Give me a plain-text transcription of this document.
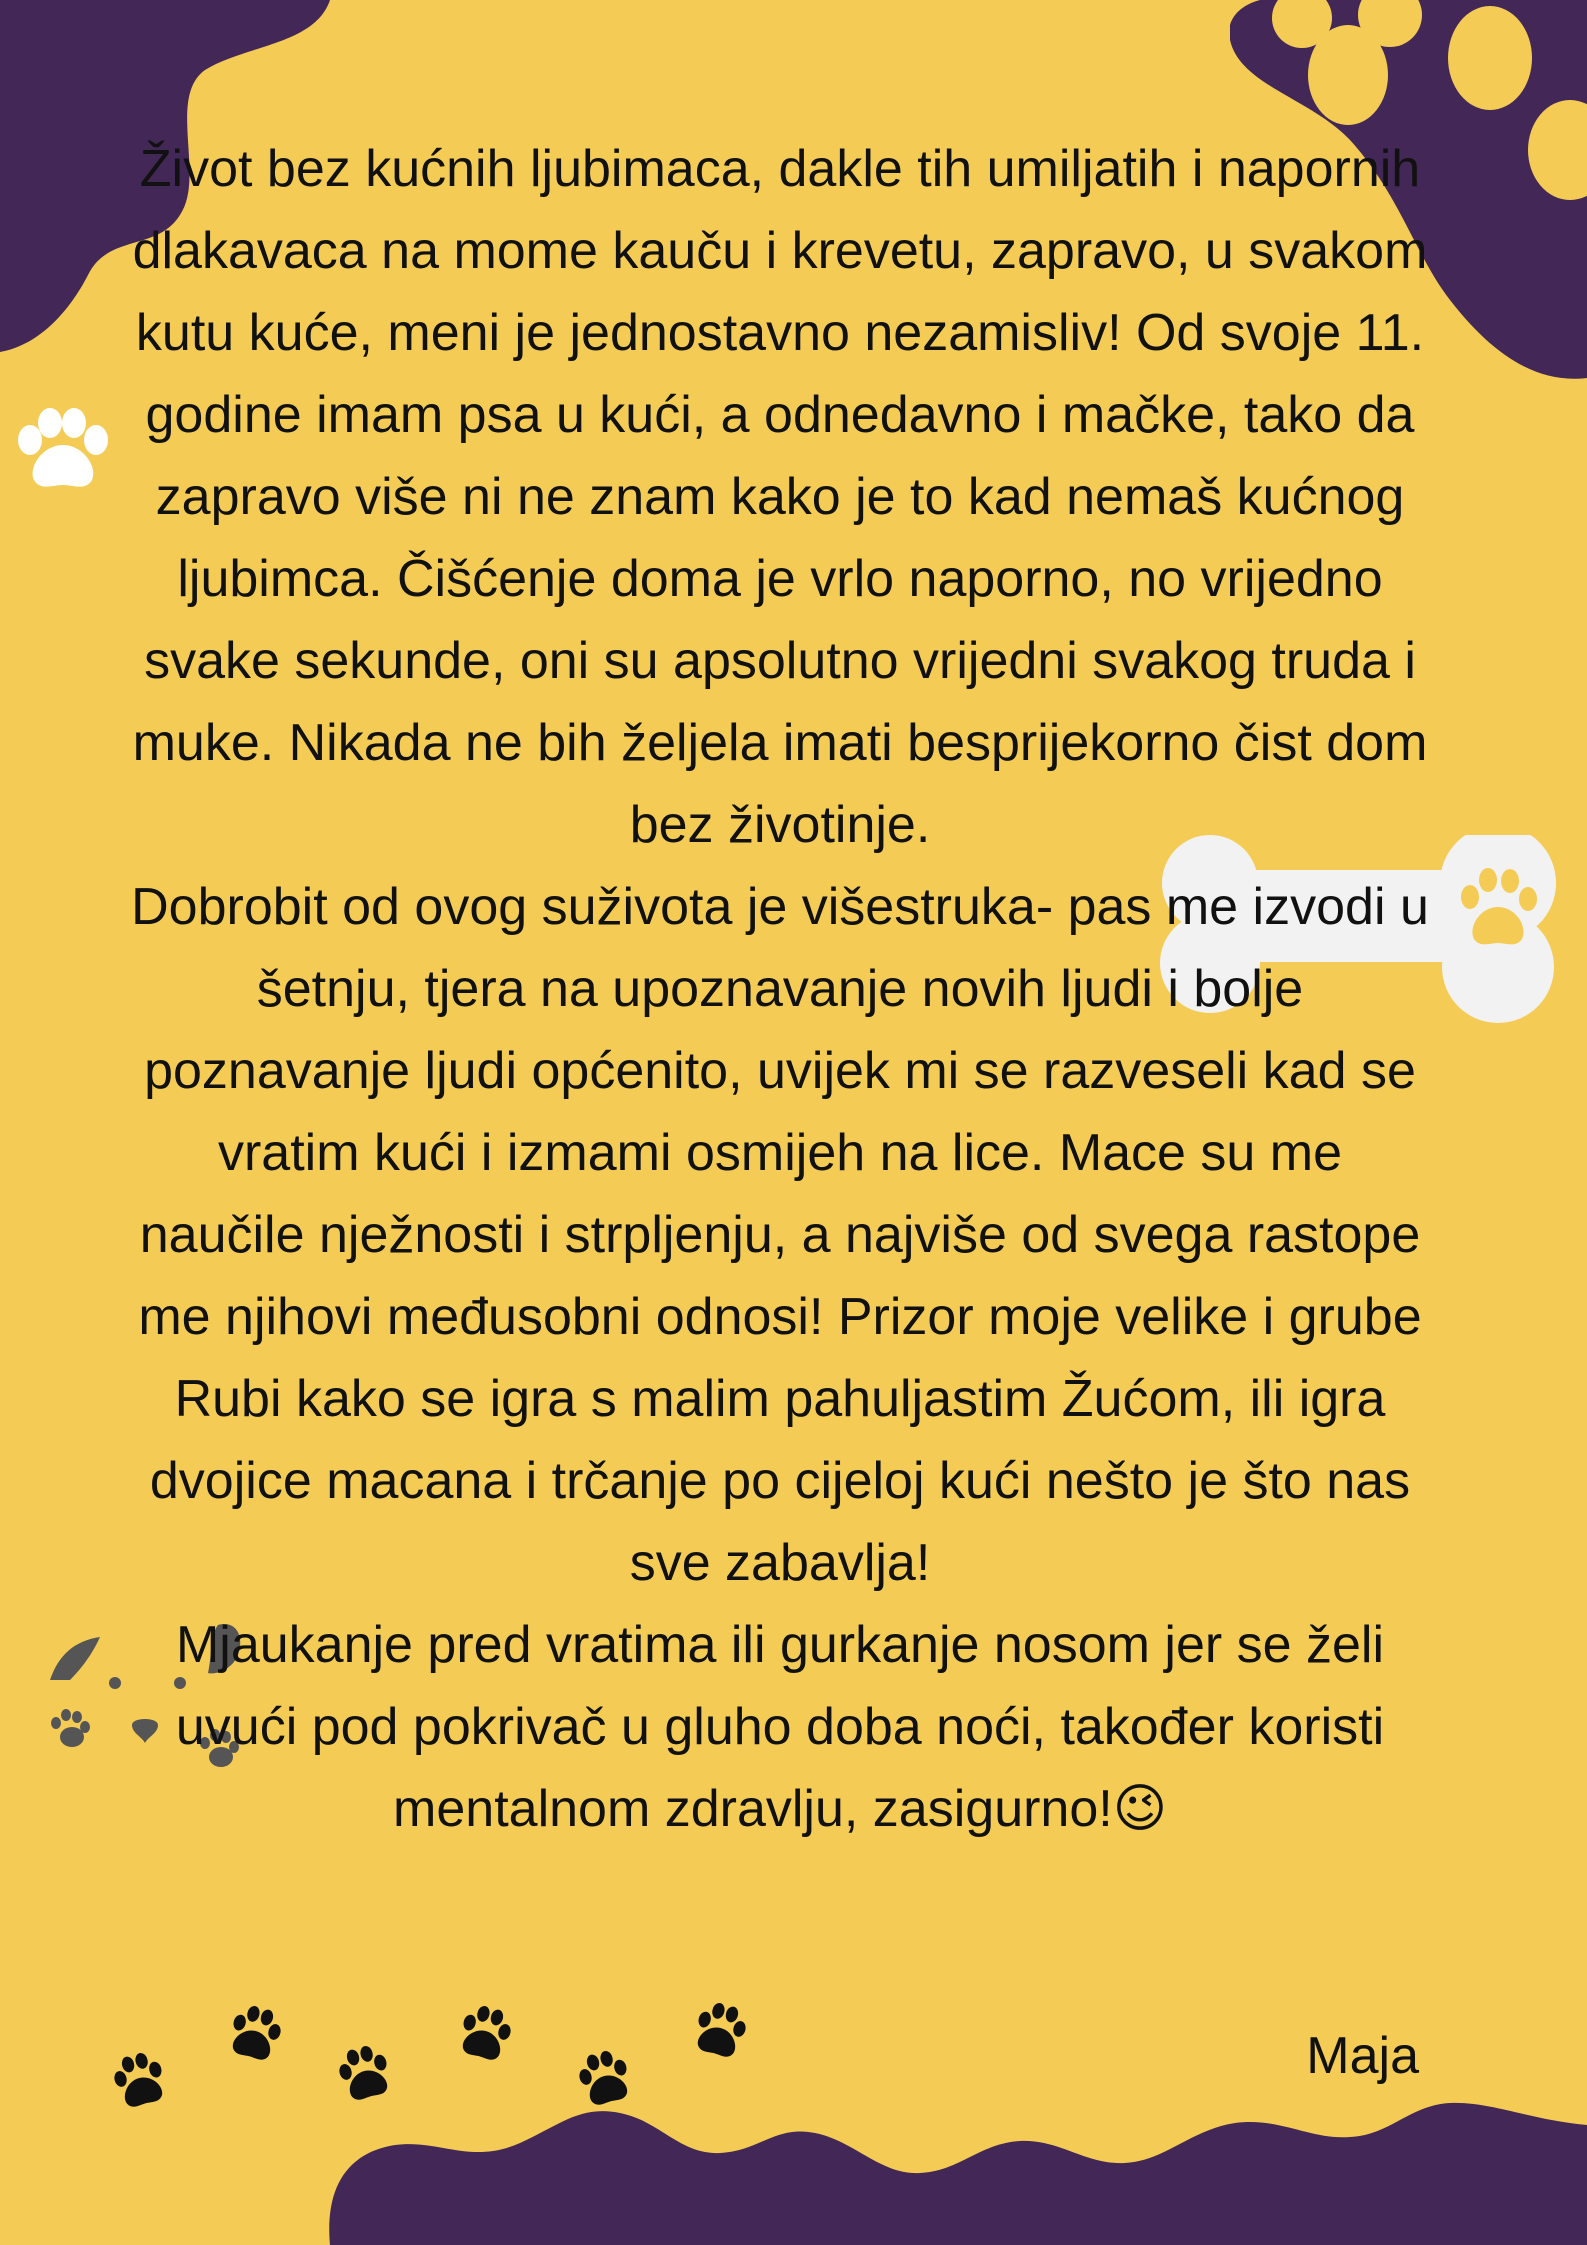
Život bez kućnih ljubimaca, dakle tih umiljatih i napornih dlakavaca na mome kauču i krevetu, zapravo, u svakom kutu kuće, meni je jednostavno nezamisliv! Od svoje 11. godine imam psa u kući, a odnedavno i mačke, tako da zapravo više ni ne znam kako je to kad nemaš kućnog ljubimca. Čišćenje doma je vrlo naporno, no vrijedno svake sekunde, oni su apsolutno vrijedni svakog truda i muke. Nikada ne bih željela imati besprijekorno čist dom bez životinje.

Dobrobit od ovog suživota je višestruka- pas me izvodi u šetnju, tjera na upoznavanje novih ljudi i bolje poznavanje ljudi općenito, uvijek mi se razveseli kad se vratim kući i izmami osmijeh na lice. Mace su me naučile nježnosti i strpljenju, a najviše od svega rastope me njihovi međusobni odnosi! Prizor moje velike i grube Rubi kako se igra s malim pahuljastim Žućom, ili igra dvojice macana i trčanje po cijeloj kući nešto je što nas sve zabavlja!

Mjaukanje pred vratima ili gurkanje nosom jer se želi uvući pod pokrivač u gluho doba noći, također koristi mentalnom zdravlju, zasigurno!😉

Maja
